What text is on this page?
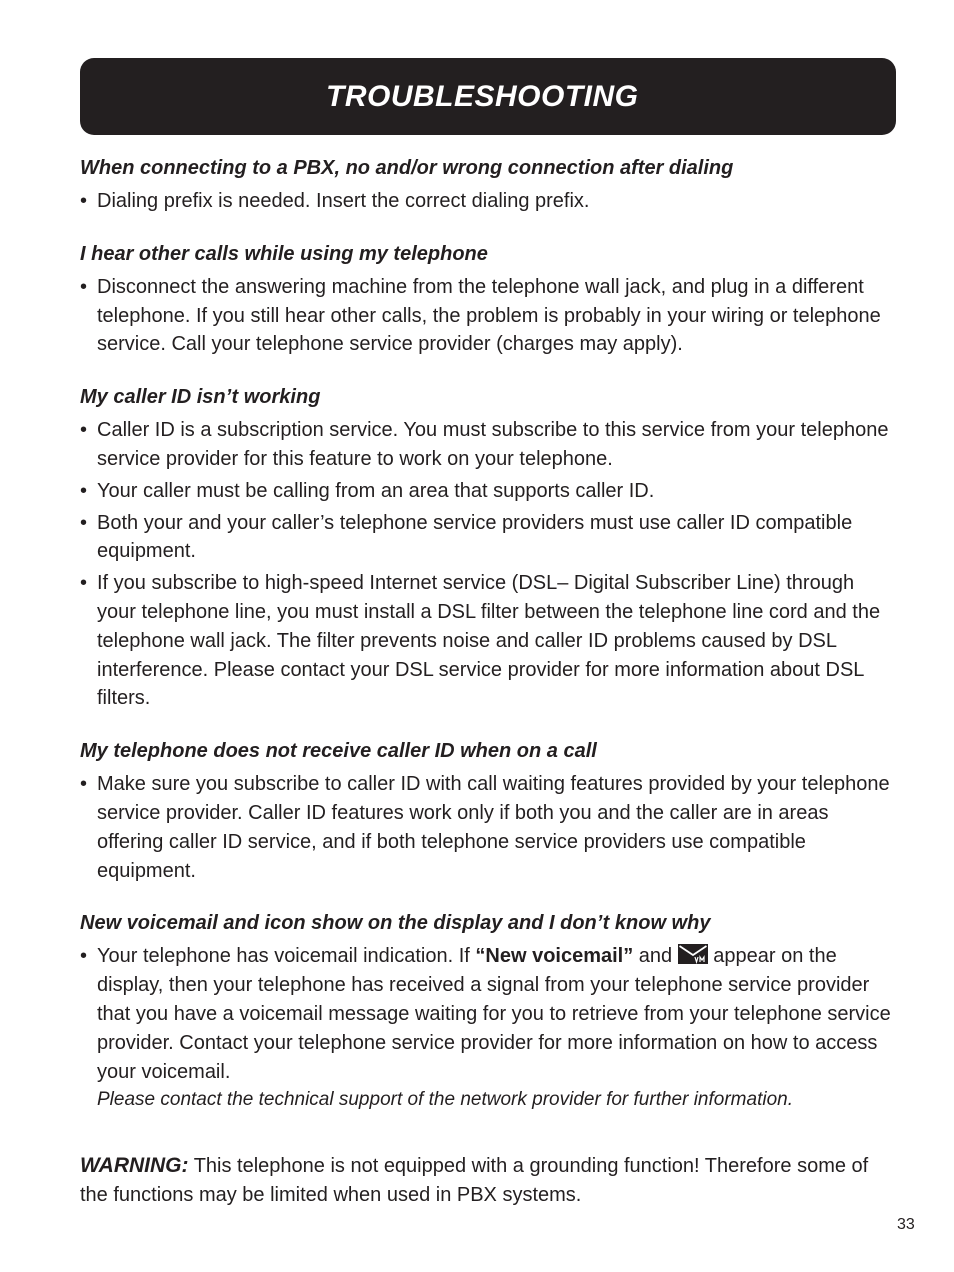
TROUBLESHOOTING
When connecting to a PBX, no and/or wrong connection after dialing
• Dialing prefix is needed. Insert the correct dialing prefix.
I hear other calls while using my telephone
• Disconnect the answering machine from the telephone wall jack, and plug in a different telephone. If you still hear other calls, the problem is probably in your wiring or telephone service. Call your telephone service provider (charges may apply).
My caller ID isn’t working
• Caller ID is a subscription service. You must subscribe to this service from your telephone service provider for this feature to work on your telephone.
• Your caller must be calling from an area that supports caller ID.
• Both your and your caller’s telephone service providers must use caller ID compatible equipment.
• If you subscribe to high-speed Internet service (DSL– Digital Subscriber Line) through your telephone line, you must install a DSL filter between the telephone line cord and the telephone wall jack. The filter prevents noise and caller ID problems caused by DSL interference. Please contact your DSL service provider for more information about DSL filters.
My telephone does not receive caller ID when on a call
• Make sure you subscribe to caller ID with call waiting features provided by your telephone service provider. Caller ID features work only if both you and the caller are in areas offering caller ID service, and if both telephone service providers use compatible equipment.
New voicemail and icon show on the display and I don’t know why
• Your telephone has voicemail indication. If “New voicemail” and  appear on the display, then your telephone has received a signal from your telephone service provider that you have a voicemail message waiting for you to retrieve from your telephone service provider. Contact your telephone service provider for more information on how to access your voicemail.
Please contact the technical support of the network provider for further information.

WARNING: This telephone is not equipped with a grounding function! Therefore some of the functions may be limited when used in PBX systems.

33
